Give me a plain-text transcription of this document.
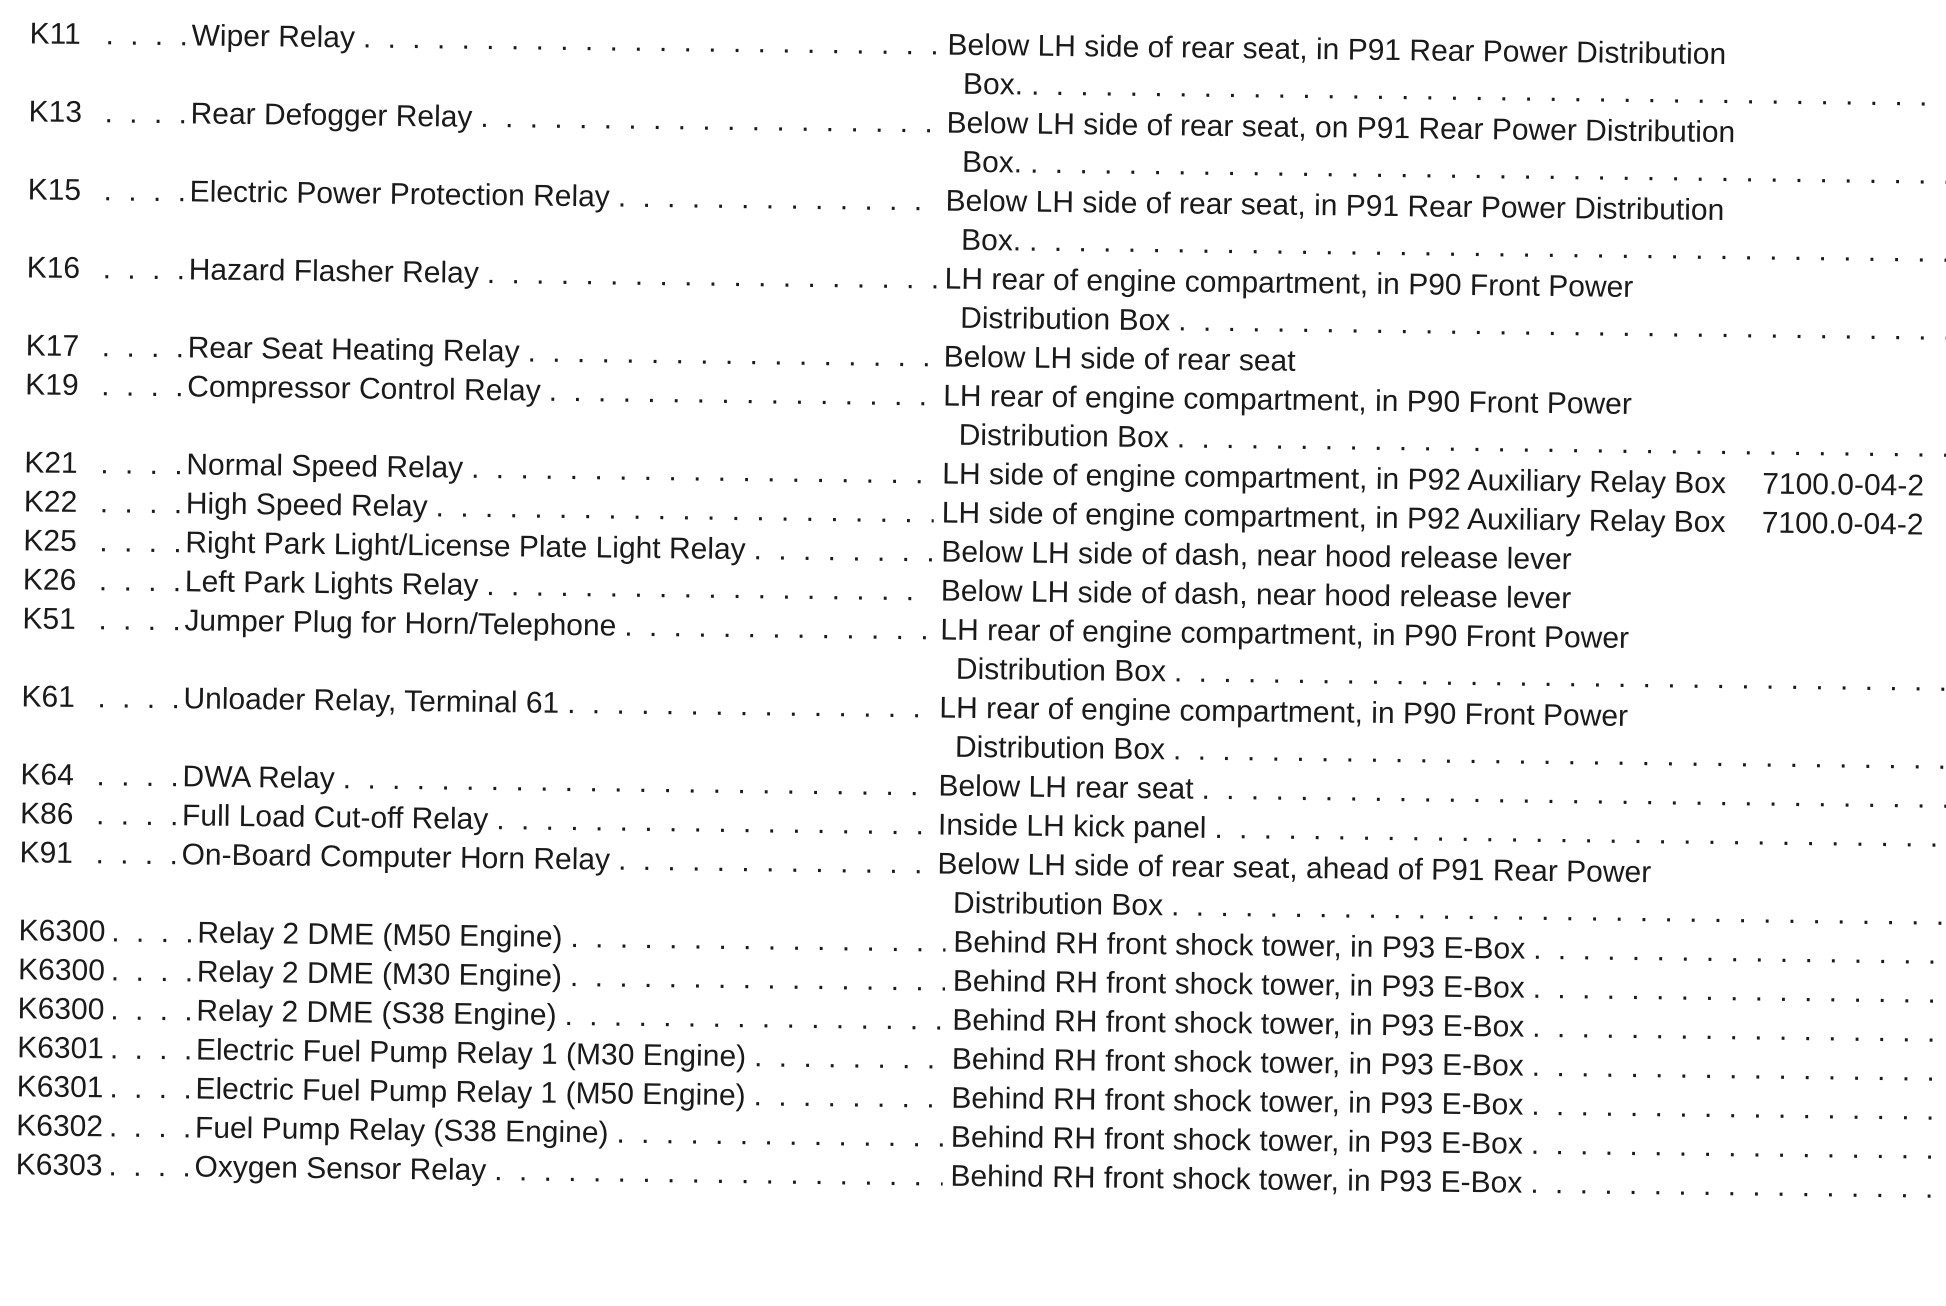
K11 . . .	Wiper Relay . . .	Below LH side of rear seat, in P91 Rear Power Distribution
Box.
. . .
K13 . . .	Rear Defogger Relay . . .	Below LH side of rear seat, on P91 Rear Power Distribution
Box.
. . .
K15 . . .	Electric Power Protection Relay . . .	Below LH side of rear seat, in P91 Rear Power Distribution
Box.
. . .
K16 . . .	Hazard Flasher Relay . . .	LH rear of engine compartment, in P90 Front Power
Distribution Box
. . .
K17 . . .	Rear Seat Heating Relay . . .	Below LH side of rear seat
K19 . . .	Compressor Control Relay . . .	LH rear of engine compartment, in P90 Front Power
Distribution Box
. . .
K21 . . .	Normal Speed Relay . . .	LH side of engine compartment, in P92 Auxiliary Relay Box	7100.0-04-2
K22 . . .	High Speed Relay . . .	LH side of engine compartment, in P92 Auxiliary Relay Box	7100.0-04-2
K25 . . .	Right Park Light/License Plate Light Relay . . .	Below LH side of dash, near hood release lever
K26 . . .	Left Park Lights Relay . . .	Below LH side of dash, near hood release lever
K51 . . .	Jumper Plug for Horn/Telephone . . .	LH rear of engine compartment, in P90 Front Power
Distribution Box
. . .
K61 . . .	Unloader Relay, Terminal 61 . . .	LH rear of engine compartment, in P90 Front Power
Distribution Box
. . .
K64 . . .	DWA Relay . . .	Below LH rear seat
. . .
K86 . . .	Full Load Cut-off Relay . . .	Inside LH kick panel
. . .
K91 . . .	On-Board Computer Horn Relay . . .	Below LH side of rear seat, ahead of P91 Rear Power
Distribution Box
. . .
K6300 . . .	Relay 2 DME (M50 Engine) . . .	Behind RH front shock tower, in P93 E-Box
. . .
K6300 . . .	Relay 2 DME (M30 Engine) . . .	Behind RH front shock tower, in P93 E-Box
. . .
K6300 . . .	Relay 2 DME (S38 Engine) . . .	Behind RH front shock tower, in P93 E-Box
. . .
K6301 . . .	Electric Fuel Pump Relay 1 (M30 Engine) . . .	Behind RH front shock tower, in P93 E-Box
. . .
K6301 . . .	Electric Fuel Pump Relay 1 (M50 Engine) . . .	Behind RH front shock tower, in P93 E-Box
. . .
K6302 . . .	Fuel Pump Relay (S38 Engine) . . .	Behind RH front shock tower, in P93 E-Box
. . .
K6303 . . .	Oxygen Sensor Relay . . .	Behind RH front shock tower, in P93 E-Box
. . .
